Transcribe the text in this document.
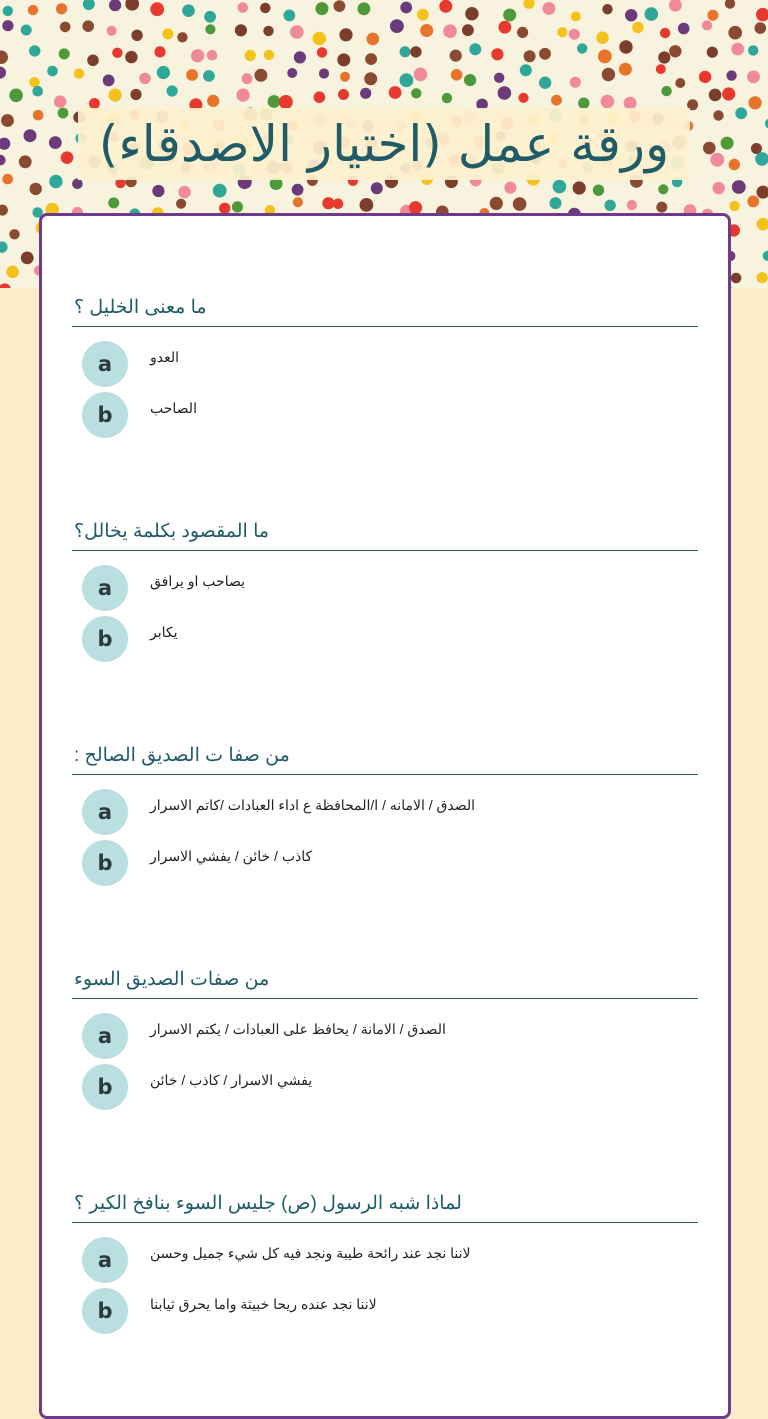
ورقة عمل (اختيار الاصدقاء)
ما معنى الخليل ؟
a	العدو
b	الصاحب
ما المقصود بكلمة يخالل؟
a	يصاحب او يرافق
b	يكابر
من صفا ت الصديق الصالح :
a	الصدق / الامانه / ا/المحافظة ع اداء العبادات /كاتم الاسرار
b	كاذب / خائن / يفشي الاسرار
من صفات الصديق السوء
a	الصدق / الامانة / يحافظ على العبادات / يكتم الاسرار
b	يفشي الاسرار / كاذب / خائن
لماذا شبه الرسول (ص) جليس السوء بنافخ الكير ؟
a	لاننا نجد عند رائحة طيبة ونجد فيه كل شيء جميل وحسن
b	لاننا نجد عنده ريحا خبيثة واما يحرق ثيابنا
